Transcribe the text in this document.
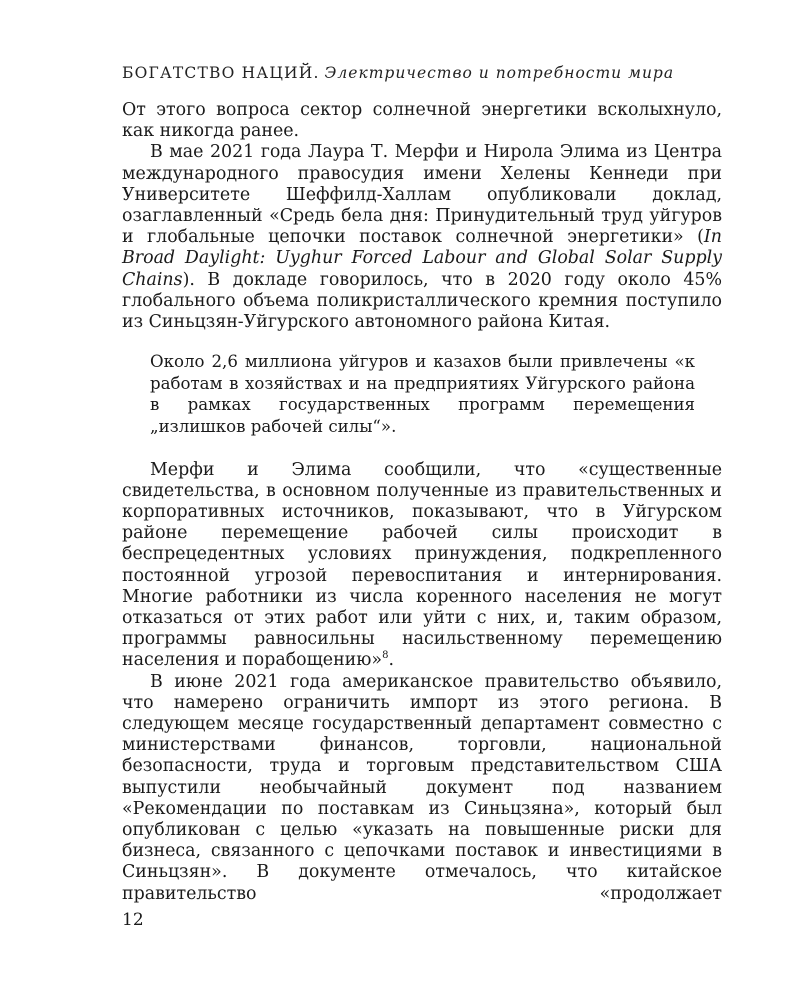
БОГАТСТВО НАЦИЙ. Электричество и потребности мира

От этого вопроса сектор солнечной энергетики всколыхнуло, как никогда ранее.

В мае 2021 года Лаура Т. Мерфи и Нирола Элима из Центра международного правосудия имени Хелены Кеннеди при Университете Шеффилд-Халлам опубликовали доклад, озаглавленный «Средь бела дня: Принудительный труд уйгуров и глобальные цепочки поставок солнечной энергетики» (In Broad Daylight: Uyghur Forced Labour and Global Solar Supply Chains). В докладе говорилось, что в 2020 году около 45% глобального объема поликристаллического кремния поступило из Синьцзян-Уйгурского автономного района Китая.

Около 2,6 миллиона уйгуров и казахов были привлечены «к работам в хозяйствах и на предприятиях Уйгурского района в рамках государственных программ перемещения „излишков рабочей силы“».

Мерфи и Элима сообщили, что «существенные свидетельства, в основном полученные из правительственных и корпоративных источников, показывают, что в Уйгурском районе перемещение рабочей силы происходит в беспрецедентных условиях принуждения, подкрепленного постоянной угрозой перевоспитания и интернирования. Многие работники из числа коренного населения не могут отказаться от этих работ или уйти с них, и, таким образом, программы равносильны насильственному перемещению населения и порабощению»$^8$.

В июне 2021 года американское правительство объявило, что намерено ограничить импорт из этого региона. В следующем месяце государственный департамент совместно с министерствами финансов, торговли, национальной безопасности, труда и торговым представительством США выпустили необычайный документ под названием «Рекомендации по поставкам из Синьцзяна», который был опубликован с целью «указать на повышенные риски для бизнеса, связанного с цепочками поставок и инвестициями в Синьцзян». В документе отмечалось, что китайское правительство «продолжает

12
